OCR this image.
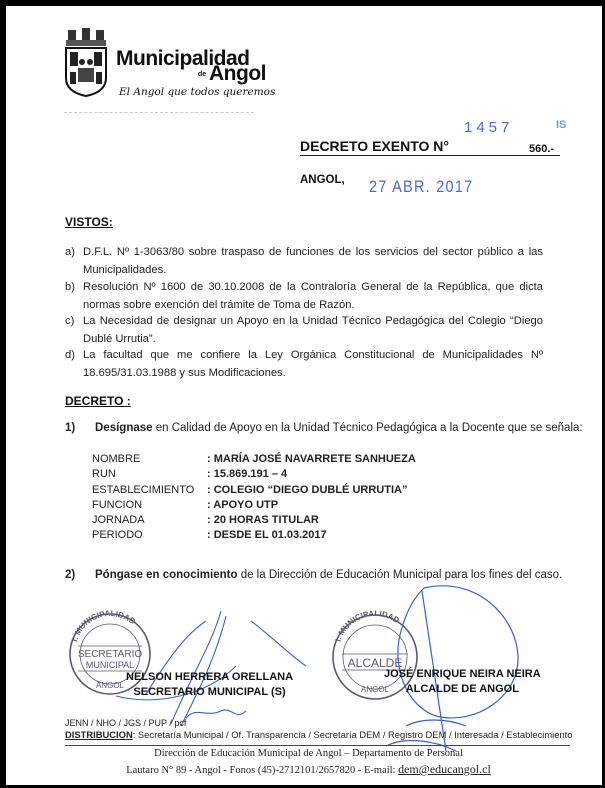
Municipalidad
de Angol
El Angol que todos queremos
1457	IS
DECRETO EXENTO N°	560.-
ANGOL, 27 ABR. 2017
VISTOS:
a) D.F.L. Nº 1-3063/80 sobre traspaso de funciones de los servicios del sector público a las Municipalidades.
b) Resolución Nº 1600 de 30.10.2008 de la Contraloría General de la República, que dicta normas sobre exención del trámite de Toma de Razón.
c) La Necesidad de designar un Apoyo en la Unidad Técnico Pedagógica del Colegio “Diego Dublé Urrutia”.
d) La facultad que me confiere la Ley Orgánica Constitucional de Municipalidades Nº 18.695/31.03.1988 y sus Modificaciones.
DECRETO :
1) Desígnase en Calidad de Apoyo en la Unidad Técnico Pedagógica a la Docente que se señala:
NOMBRE	: MARÍA JOSÉ NAVARRETE SANHUEZA
RUN	: 15.869.191 – 4
ESTABLECIMIENTO	: COLEGIO “DIEGO DUBLÉ URRUTIA”
FUNCION	: APOYO UTP
JORNADA	: 20 HORAS TITULAR
PERIODO	: DESDE EL 01.03.2017
2) Póngase en conocimiento de la Dirección de Educación Municipal para los fines del caso.
I. MUNICIPALIDAD
SECRETARIO
MUNICIPAL
ANGOL
I. MUNICIPALIDAD
ALCALDE
ANGOL
NELSON HERRERA ORELLANA
SECRETARIO MUNICIPAL (S)
JOSÉ ENRIQUE NEIRA NEIRA
ALCALDE DE ANGOL
JENN / NHO / JGS / PUP / pcf
DISTRIBUCION: Secretaría Municipal / Of. Transparencia / Secretaría DEM / Registro DEM / Interesada / Establecimiento
Dirección de Educación Municipal de Angol – Departamento de Personal
Lautaro N° 89 - Angol - Fonos (45)-2712101/2657820 - E-mail: dem@educangol.cl
